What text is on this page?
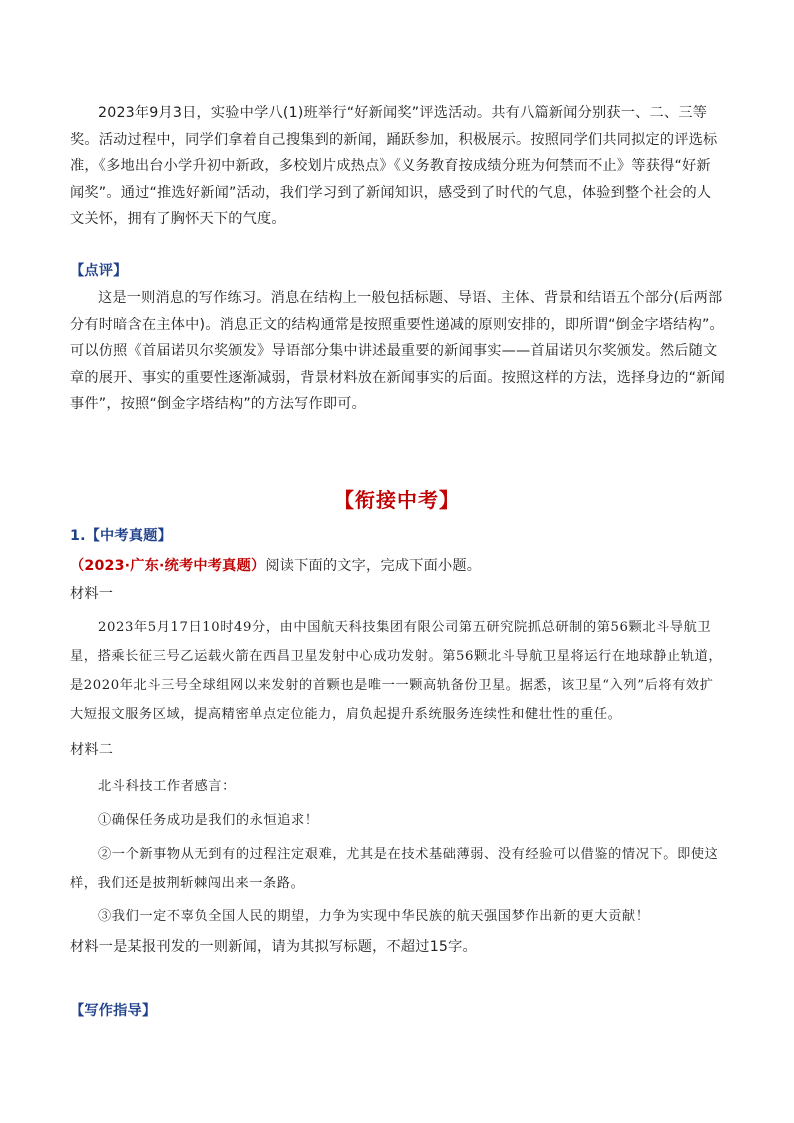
2023年9月3日，实验中学八(1)班举行“好新闻奖”评选活动。共有八篇新闻分别获一、二、三等奖。活动过程中，同学们拿着自己搜集到的新闻，踊跃参加，积极展示。按照同学们共同拟定的评选标准，《多地出台小学升初中新政，多校划片成热点》《义务教育按成绩分班为何禁而不止》等获得“好新闻奖”。通过“推选好新闻”活动，我们学习到了新闻知识，感受到了时代的气息，体验到整个社会的人文关怀，拥有了胸怀天下的气度。

【点评】

这是一则消息的写作练习。消息在结构上一般包括标题、导语、主体、背景和结语五个部分(后两部分有时暗含在主体中)。消息正文的结构通常是按照重要性递减的原则安排的，即所谓“倒金字塔结构”。可以仿照《首届诺贝尔奖颁发》导语部分集中讲述最重要的新闻事实——首届诺贝尔奖颁发。然后随文章的展开、事实的重要性逐渐减弱，背景材料放在新闻事实的后面。按照这样的方法，选择身边的“新闻事件”，按照“倒金字塔结构”的方法写作即可。

【衔接中考】

1.【中考真题】

（2023·广东·统考中考真题）阅读下面的文字，完成下面小题。

材料一

2023年5月17日10时49分，由中国航天科技集团有限公司第五研究院抓总研制的第56颗北斗导航卫星，搭乘长征三号乙运载火箭在西昌卫星发射中心成功发射。第56颗北斗导航卫星将运行在地球静止轨道，是2020年北斗三号全球组网以来发射的首颗也是唯一一颗高轨备份卫星。据悉，该卫星“入列”后将有效扩大短报文服务区域，提高精密单点定位能力，肩负起提升系统服务连续性和健壮性的重任。

材料二

北斗科技工作者感言：

①确保任务成功是我们的永恒追求！

②一个新事物从无到有的过程注定艰难，尤其是在技术基础薄弱、没有经验可以借鉴的情况下。即使这样，我们还是披荆斩棘闯出来一条路。

③我们一定不辜负全国人民的期望，力争为实现中华民族的航天强国梦作出新的更大贡献！

材料一是某报刊发的一则新闻，请为其拟写标题，不超过15字。

【写作指导】
